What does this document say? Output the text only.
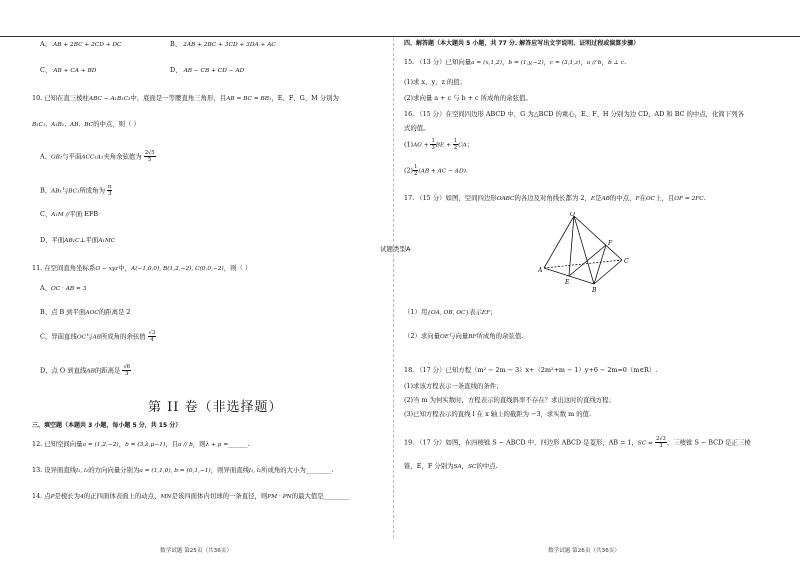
A、 AB + 2BC + 2CD + DC	B、 2AB + 2BC + 3CD + 3DA + AC
C、 AB + CA + BD	D、 AB − CB + CD − AD
10. 已知在直三棱柱ABC − A₁B₁C₁中，底面是一等腰直角三角形，且AB = BC = BB₁，E、F、G、M 分别为
B₁C₁、A₁B₁、AB、BC的中点，则（ ）
A、GB₁与平面ACC₁A₁夹角余弦值为 $\frac{2√5}{5}$
B、AB₁与BC₁所成角为 $\frac{\pi}{3}$
C、A₁M //平面 EFB
D、平面AB₁C⊥平面A₁MC
11. 在空间直角坐标系O − xyz中，A(−1,0,0), B(1,2,−2), C(0,0,−2)，则（ ）
A、OC · AB = 3
B、点 B 到平面AOC的距离是 2
C、异面直线OC与AB所成角的余弦值 $\frac{√3}{4}$
D、点 O 到直线AB的距离是 $\frac{√6}{3}$
第 II 卷（非选择题）
三、填空题（本题共 3 小题，每小题 5 分，共 15 分）
12. 已知空间向量a = (1,2,−2)，b = (3,λ,μ−1)，且a // b，则λ + μ =______.
13. 设异面直线l₁, l₂的方向向量分别为a = (1,1,0), b = (0,1,−1)，则异面直线l₁, l₂所成角的大小为________.
14. 点P是棱长为4的正四面体表面上的动点，MN是该四面体内切球的一条直径，则PM · PN的最大值是________
数学试题 第25页（共36页）
四、解答题（本大题共 5 小题，共 77 分. 解答应写出文字说明、证明过程或演算步骤）
15. （13 分）已知向量a = (x,1,2)，b = (1,y,−2)，c = (3,1,z)，a // b，b ⊥ c.
(1)求 x，y，z 的值；
(2)求向量 a + c 与 b + c 所成角的余弦值。
16. （15 分）在空间四边形 ABCD 中，G 为△BCD 的重心，E、F、H 分别为边 CD、AD 和 BC 的中点，化简下列各
式的值。
$(1)AG + \frac{1}{3}$ BE + $\frac{1}{2}$ CA；
$(2) \frac{1}{2} (AB$ + AC − AD).
17. （15 分）如图，空间四边形OABC的各边及对角线长都为 2，E是AB的中点，F在OC上，且OF = 2FC.
试题类型A
O
A
B
C
E
F
（1）用{OA, OB, OC}表示EF；
（2）求向量OE与向量BF所成角的余弦值.
18. （17 分）已知方程（m² − 2m − 3）x+（2m²+m − 1）y+6 − 2m=0（m∈R）.
(1)求该方程表示一条直线的条件；
(2)当 m 为何实数时，方程表示的直线斜率不存在？求出这时的直线方程；
(3)已知方程表示的直线 l 在 x 轴上的截距为 −3，求实数 m 的值.
19. （17 分）如图，在四棱锥 S − ABCD 中，四边形 ABCD 是菱形，AB = 1，SC = $\frac{2√3}{3}$ ，三棱锥 S − BCD 是正三棱
锥，E，F 分别为SA，SC的中点.
数学试题 第26页（共36页）
